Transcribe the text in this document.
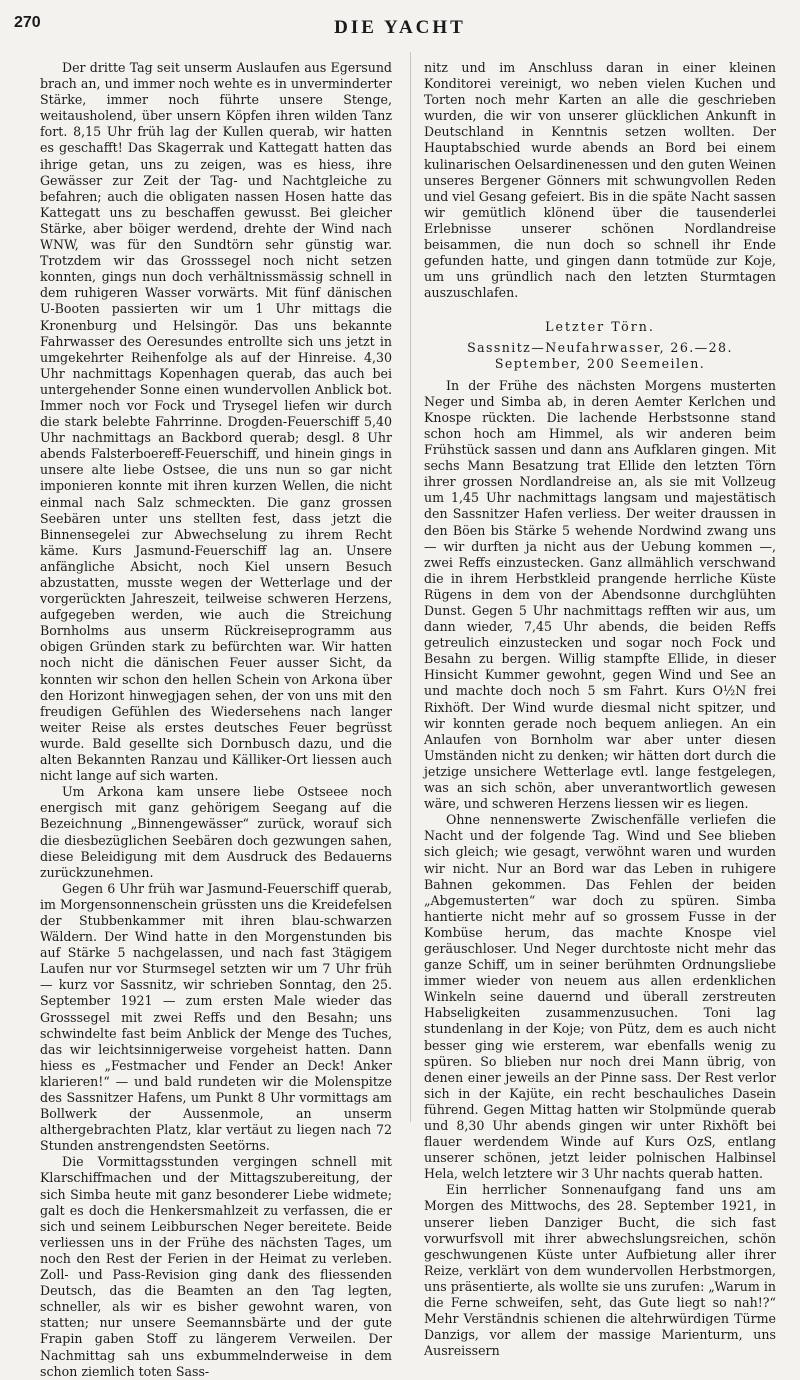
270	DIE YACHT

Der dritte Tag seit unserm Auslaufen aus Egersund brach an, und immer noch wehte es in unverminderter Stärke, immer noch führte unsere Stenge, weitausholend, über unsern Köpfen ihren wilden Tanz fort. 8,15 Uhr früh lag der Kullen querab, wir hatten es geschafft! Das Skagerrak und Kattegatt hatten das ihrige getan, uns zu zeigen, was es hiess, ihre Gewässer zur Zeit der Tag- und Nachtgleiche zu befahren; auch die obligaten nassen Hosen hatte das Kattegatt uns zu beschaffen gewusst. Bei gleicher Stärke, aber böiger werdend, drehte der Wind nach WNW, was für den Sundtörn sehr günstig war. Trotzdem wir das Grosssegel noch nicht setzen konnten, gings nun doch verhältnissmässig schnell in dem ruhigeren Wasser vorwärts. Mit fünf dänischen U-Booten passierten wir um 1 Uhr mittags die Kronenburg und Helsingör. Das uns bekannte Fahrwasser des Oeresundes entrollte sich uns jetzt in umgekehrter Reihenfolge als auf der Hinreise. 4,30 Uhr nachmittags Kopenhagen querab, das auch bei untergehender Sonne einen wundervollen Anblick bot. Immer noch vor Fock und Trysegel liefen wir durch die stark belebte Fahrrinne. Drogden-Feuerschiff 5,40 Uhr nachmittags an Backbord querab; desgl. 8 Uhr abends Falsterboereff-Feuerschiff, und hinein gings in unsere alte liebe Ostsee, die uns nun so gar nicht imponieren konnte mit ihren kurzen Wellen, die nicht einmal nach Salz schmeckten. Die ganz grossen Seebären unter uns stellten fest, dass jetzt die Binnensegelei zur Abwechselung zu ihrem Recht käme. Kurs Jasmund-Feuerschiff lag an. Unsere anfängliche Absicht, noch Kiel unsern Besuch abzustatten, musste wegen der Wetterlage und der vorgerückten Jahreszeit, teilweise schweren Herzens, aufgegeben werden, wie auch die Streichung Bornholms aus unserm Rückreiseprogramm aus obigen Gründen stark zu befürchten war. Wir hatten noch nicht die dänischen Feuer ausser Sicht, da konnten wir schon den hellen Schein von Arkona über den Horizont hinwegjagen sehen, der von uns mit den freudigen Gefühlen des Wiedersehens nach langer weiter Reise als erstes deutsches Feuer begrüsst wurde. Bald gesellte sich Dornbusch dazu, und die alten Bekannten Ranzau und Källiker-Ort liessen auch nicht lange auf sich warten.

Um Arkona kam unsere liebe Ostseee noch energisch mit ganz gehörigem Seegang auf die Bezeichnung „Binnengewässer“ zurück, worauf sich die diesbezüglichen Seebären doch gezwungen sahen, diese Beleidigung mit dem Ausdruck des Bedauerns zurückzunehmen.

Gegen 6 Uhr früh war Jasmund-Feuerschiff querab, im Morgensonnenschein grüssten uns die Kreidefelsen der Stubbenkammer mit ihren blau-schwarzen Wäldern. Der Wind hatte in den Morgenstunden bis auf Stärke 5 nachgelassen, und nach fast 3tägigem Laufen nur vor Sturmsegel setzten wir um 7 Uhr früh — kurz vor Sassnitz, wir schrieben Sonntag, den 25. September 1921 — zum ersten Male wieder das Grosssegel mit zwei Reffs und den Besahn; uns schwindelte fast beim Anblick der Menge des Tuches, das wir leichtsinnigerweise vorgeheist hatten. Dann hiess es „Festmacher und Fender an Deck! Anker klarieren!“ — und bald rundeten wir die Molenspitze des Sassnitzer Hafens, um Punkt 8 Uhr vormittags am Bollwerk der Aussenmole, an unserm althergebrachten Platz, klar vertäut zu liegen nach 72 Stunden anstrengendsten Seetörns.

Die Vormittagsstunden vergingen schnell mit Klarschiffmachen und der Mittagszubereitung, der sich Simba heute mit ganz besonderer Liebe widmete; galt es doch die Henkersmahlzeit zu verfassen, die er sich und seinem Leibburschen Neger bereitete. Beide verliessen uns in der Frühe des nächsten Tages, um noch den Rest der Ferien in der Heimat zu verleben. Zoll- und Pass-Revision ging dank des fliessenden Deutsch, das die Beamten an den Tag legten, schneller, als wir es bisher gewohnt waren, von statten; nur unsere Seemannsbärte und der gute Frapin gaben Stoff zu längerem Verweilen. Der Nachmittag sah uns exbummelnderweise in dem schon ziemlich toten Sass-

nitz und im Anschluss daran in einer kleinen Konditorei vereinigt, wo neben vielen Kuchen und Torten noch mehr Karten an alle die geschrieben wurden, die wir von unserer glücklichen Ankunft in Deutschland in Kenntnis setzen wollten. Der Hauptabschied wurde abends an Bord bei einem kulinarischen Oelsardinenessen und den guten Weinen unseres Bergener Gönners mit schwungvollen Reden und viel Gesang gefeiert. Bis in die späte Nacht sassen wir gemütlich klönend über die tausenderlei Erlebnisse unserer schönen Nordlandreise beisammen, die nun doch so schnell ihr Ende gefunden hatte, und gingen dann totmüde zur Koje, um uns gründlich nach den letzten Sturmtagen auszuschlafen.

Letzter Törn.
Sassnitz—Neufahrwasser, 26.—28. September, 200 Seemeilen.

In der Frühe des nächsten Morgens musterten Neger und Simba ab, in deren Aemter Kerlchen und Knospe rückten. Die lachende Herbstsonne stand schon hoch am Himmel, als wir anderen beim Frühstück sassen und dann ans Aufklaren gingen. Mit sechs Mann Besatzung trat Ellide den letzten Törn ihrer grossen Nordlandreise an, als sie mit Vollzeug um 1,45 Uhr nachmittags langsam und majestätisch den Sassnitzer Hafen verliess. Der weiter draussen in den Böen bis Stärke 5 wehende Nordwind zwang uns — wir durften ja nicht aus der Uebung kommen —, zwei Reffs einzustecken. Ganz allmählich verschwand die in ihrem Herbstkleid prangende herrliche Küste Rügens in dem von der Abendsonne durchglühten Dunst. Gegen 5 Uhr nachmittags refften wir aus, um dann wieder, 7,45 Uhr abends, die beiden Reffs getreulich einzustecken und sogar noch Fock und Besahn zu bergen. Willig stampfte Ellide, in dieser Hinsicht Kummer gewohnt, gegen Wind und See an und machte doch noch 5 sm Fahrt. Kurs O½N frei Rixhöft. Der Wind wurde diesmal nicht spitzer, und wir konnten gerade noch bequem anliegen. An ein Anlaufen von Bornholm war aber unter diesen Umständen nicht zu denken; wir hätten dort durch die jetzige unsichere Wetterlage evtl. lange festgelegen, was an sich schön, aber unverantwortlich gewesen wäre, und schweren Herzens liessen wir es liegen.

Ohne nennenswerte Zwischenfälle verliefen die Nacht und der folgende Tag. Wind und See blieben sich gleich; wie gesagt, verwöhnt waren und wurden wir nicht. Nur an Bord war das Leben in ruhigere Bahnen gekommen. Das Fehlen der beiden „Abgemusterten“ war doch zu spüren. Simba hantierte nicht mehr auf so grossem Fusse in der Kombüse herum, das machte Knospe viel geräuschloser. Und Neger durchtoste nicht mehr das ganze Schiff, um in seiner berühmten Ordnungsliebe immer wieder von neuem aus allen erdenklichen Winkeln seine dauernd und überall zerstreuten Habseligkeiten zusammenzusuchen. Toni lag stundenlang in der Koje; von Pütz, dem es auch nicht besser ging wie ersterem, war ebenfalls wenig zu spüren. So blieben nur noch drei Mann übrig, von denen einer jeweils an der Pinne sass. Der Rest verlor sich in der Kajüte, ein recht beschauliches Dasein führend. Gegen Mittag hatten wir Stolpmünde querab und 8,30 Uhr abends gingen wir unter Rixhöft bei flauer werdendem Winde auf Kurs OzS, entlang unserer schönen, jetzt leider polnischen Halbinsel Hela, welch letztere wir 3 Uhr nachts querab hatten.

Ein herrlicher Sonnenaufgang fand uns am Morgen des Mittwochs, des 28. September 1921, in unserer lieben Danziger Bucht, die sich fast vorwurfsvoll mit ihrer abwechslungsreichen, schön geschwungenen Küste unter Aufbietung aller ihrer Reize, verklärt von dem wundervollen Herbstmorgen, uns präsentierte, als wollte sie uns zurufen: „Warum in die Ferne schweifen, seht, das Gute liegt so nah!?“ Mehr Verständnis schienen die altehrwürdigen Türme Danzigs, vor allem der massige Marienturm, uns Ausreissern
